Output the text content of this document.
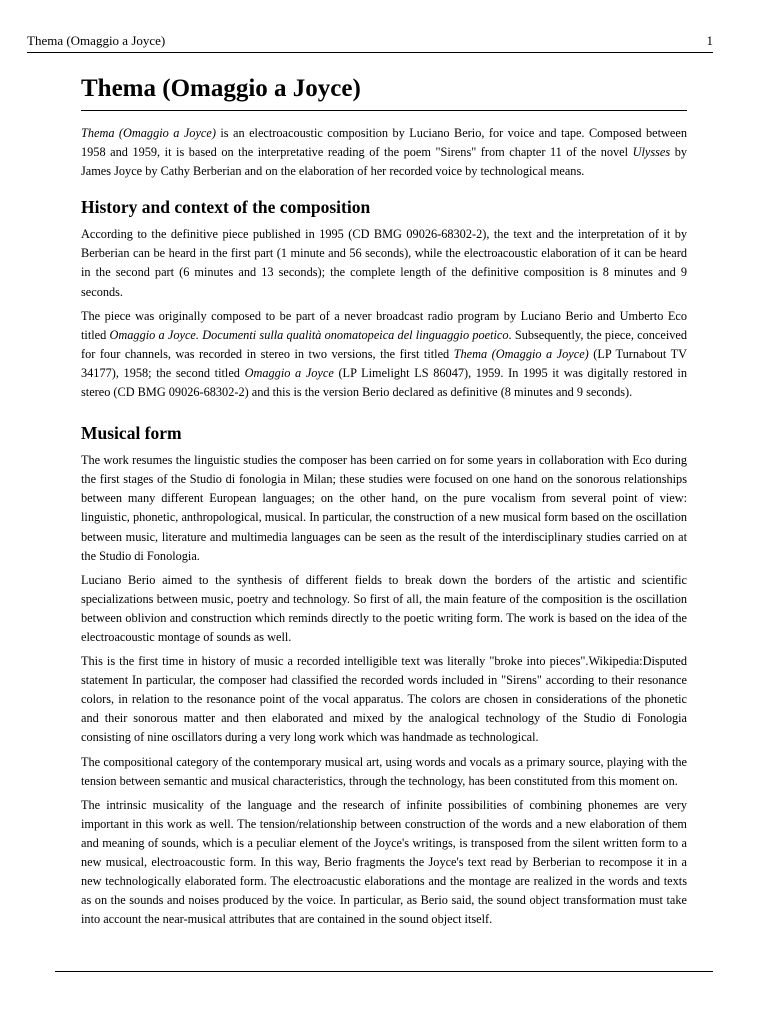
Thema (Omaggio a Joyce)	1
Thema (Omaggio a Joyce)

Thema (Omaggio a Joyce) is an electroacoustic composition by Luciano Berio, for voice and tape. Composed between 1958 and 1959, it is based on the interpretative reading of the poem "Sirens" from chapter 11 of the novel Ulysses by James Joyce by Cathy Berberian and on the elaboration of her recorded voice by technological means.

History and context of the composition

According to the definitive piece published in 1995 (CD BMG 09026-68302-2), the text and the interpretation of it by Berberian can be heard in the first part (1 minute and 56 seconds), while the electroacoustic elaboration of it can be heard in the second part (6 minutes and 13 seconds); the complete length of the definitive composition is 8 minutes and 9 seconds.

The piece was originally composed to be part of a never broadcast radio program by Luciano Berio and Umberto Eco titled Omaggio a Joyce. Documenti sulla qualità onomatopeica del linguaggio poetico. Subsequently, the piece, conceived for four channels, was recorded in stereo in two versions, the first titled Thema (Omaggio a Joyce) (LP Turnabout TV 34177), 1958; the second titled Omaggio a Joyce (LP Limelight LS 86047), 1959. In 1995 it was digitally restored in stereo (CD BMG 09026-68302-2) and this is the version Berio declared as definitive (8 minutes and 9 seconds).

Musical form

The work resumes the linguistic studies the composer has been carried on for some years in collaboration with Eco during the first stages of the Studio di fonologia in Milan; these studies were focused on one hand on the sonorous relationships between many different European languages; on the other hand, on the pure vocalism from several point of view: linguistic, phonetic, anthropological, musical. In particular, the construction of a new musical form based on the oscillation between music, literature and multimedia languages can be seen as the result of the interdisciplinary studies carried on at the Studio di Fonologia.

Luciano Berio aimed to the synthesis of different fields to break down the borders of the artistic and scientific specializations between music, poetry and technology. So first of all, the main feature of the composition is the oscillation between oblivion and construction which reminds directly to the poetic writing form. The work is based on the idea of the electroacoustic montage of sounds as well.

This is the first time in history of music a recorded intelligible text was literally "broke into pieces".Wikipedia:Disputed statement In particular, the composer had classified the recorded words included in "Sirens" according to their resonance colors, in relation to the resonance point of the vocal apparatus. The colors are chosen in considerations of the phonetic and their sonorous matter and then elaborated and mixed by the analogical technology of the Studio di Fonologia consisting of nine oscillators during a very long work which was handmade as technological.

The compositional category of the contemporary musical art, using words and vocals as a primary source, playing with the tension between semantic and musical characteristics, through the technology, has been constituted from this moment on.

The intrinsic musicality of the language and the research of infinite possibilities of combining phonemes are very important in this work as well. The tension/relationship between construction of the words and a new elaboration of them and meaning of sounds, which is a peculiar element of the Joyce's writings, is transposed from the silent written form to a new musical, electroacoustic form. In this way, Berio fragments the Joyce's text read by Berberian to recompose it in a new technologically elaborated form. The electroacustic elaborations and the montage are realized in the words and texts as on the sounds and noises produced by the voice. In particular, as Berio said, the sound object transformation must take into account the near-musical attributes that are contained in the sound object itself.
